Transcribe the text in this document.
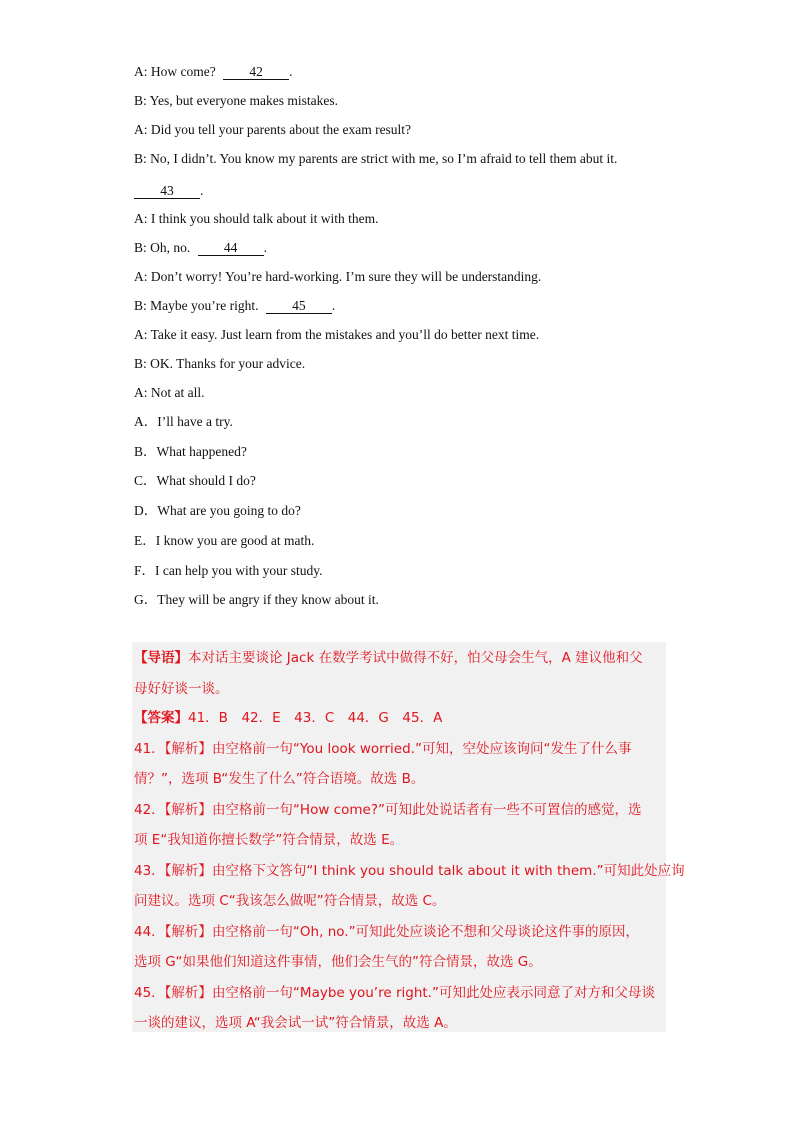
A: How come? 42 .
B: Yes, but everyone makes mistakes.
A: Did you tell your parents about the exam result?
B: No, I didn’t. You know my parents are strict with me, so I’m afraid to tell them abut it.
43 .
A: I think you should talk about it with them.
B: Oh, no. 44 .
A: Don’t worry! You’re hard-working. I’m sure they will be understanding.
B: Maybe you’re right. 45 .
A: Take it easy. Just learn from the mistakes and you’ll do better next time.
B: OK. Thanks for your advice.
A: Not at all.
A．I’ll have a try.
B．What happened?
C．What should I do?
D．What are you going to do?
E．I know you are good at math.
F．I can help you with your study.
G．They will be angry if they know about it.
【导语】本对话主要谈论 Jack 在数学考试中做得不好，怕父母会生气，A 建议他和父
母好好谈一谈。
【答案】41．B　42．E　43．C　44．G　45．A
41．【解析】由空格前一句“You look worried.”可知，空处应该询问“发生了什么事
情？”，选项 B“发生了什么”符合语境。故选 B。
42．【解析】由空格前一句“How come?”可知此处说话者有一些不可置信的感觉，选
项 E“我知道你擅长数学”符合情景，故选 E。
43．【解析】由空格下文答句“I think you should talk about it with them.”可知此处应询
问建议。选项 C“我该怎么做呢”符合情景，故选 C。
44．【解析】由空格前一句“Oh, no.”可知此处应谈论不想和父母谈论这件事的原因，
选项 G“如果他们知道这件事情，他们会生气的”符合情景，故选 G。
45．【解析】由空格前一句“Maybe you’re right.”可知此处应表示同意了对方和父母谈
一谈的建议，选项 A“我会试一试”符合情景，故选 A。
